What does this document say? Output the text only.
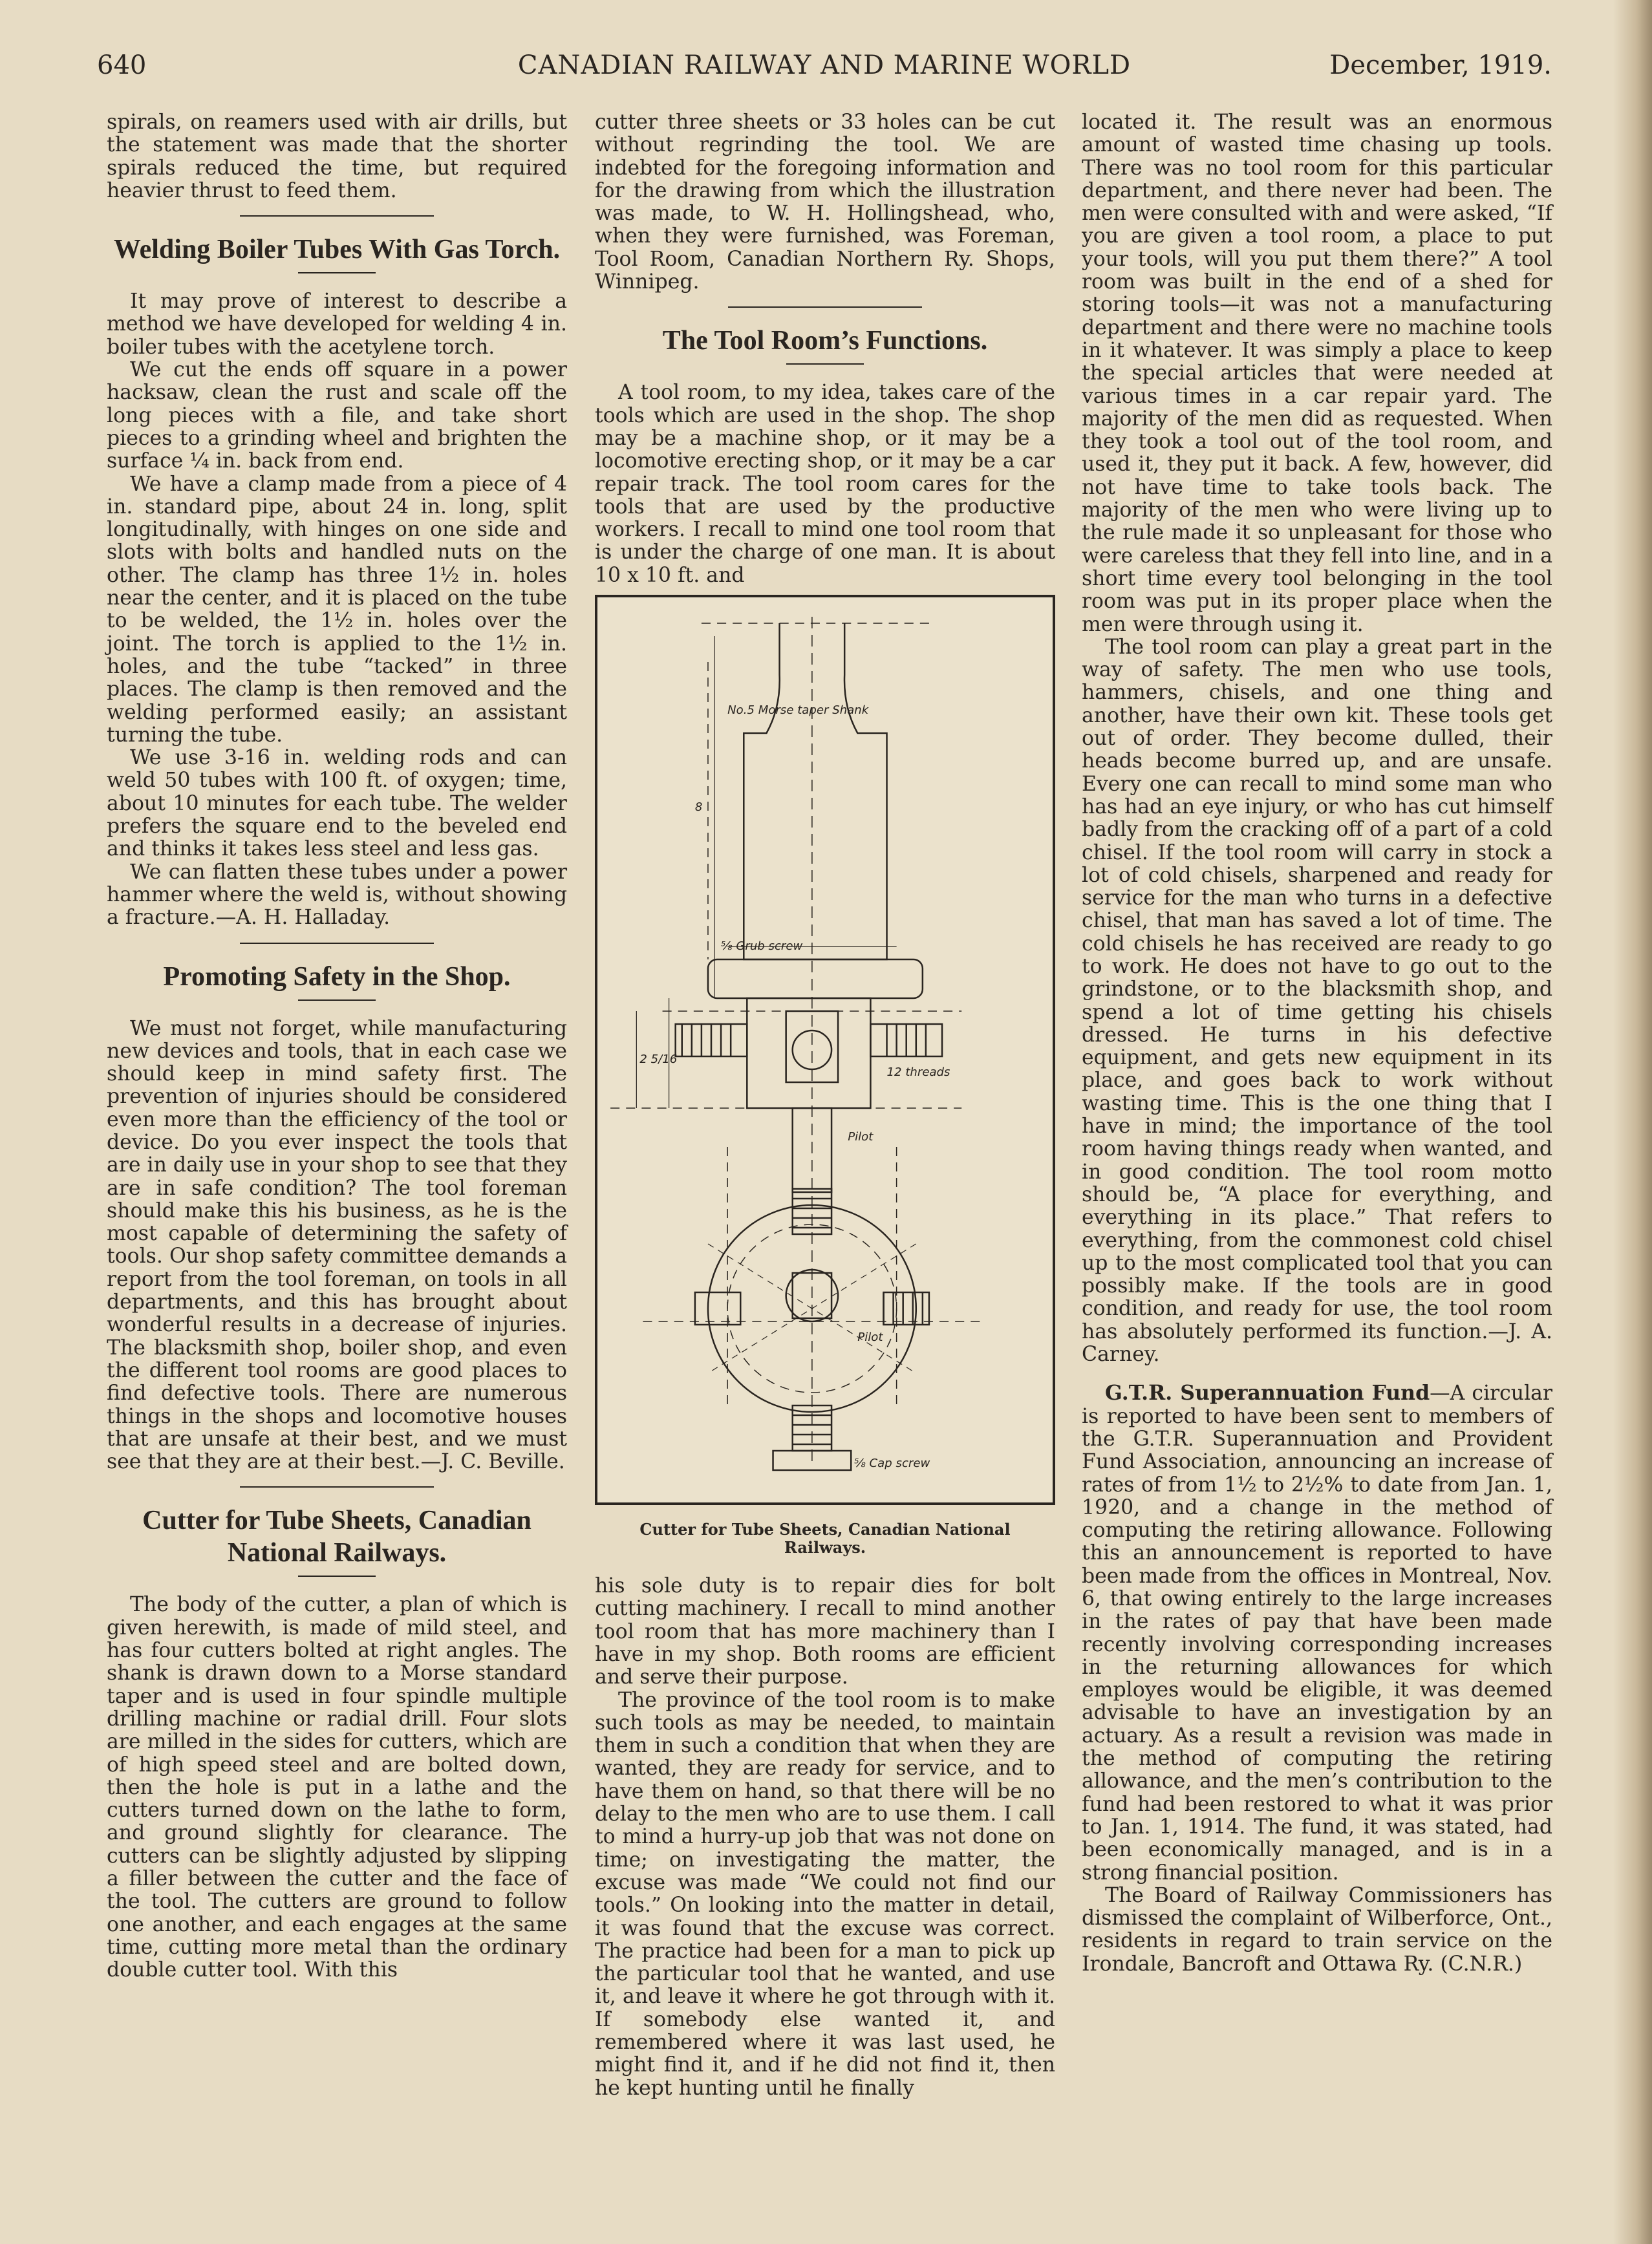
640	CANADIAN RAILWAY AND MARINE WORLD	December, 1919.

spirals, on reamers used with air drills, but the statement was made that the shorter spirals reduced the time, but required heavier thrust to feed them.

Welding Boiler Tubes With Gas Torch.

It may prove of interest to describe a method we have developed for welding 4 in. boiler tubes with the acetylene torch.

We cut the ends off square in a power hacksaw, clean the rust and scale off the long pieces with a file, and take short pieces to a grinding wheel and brighten the surface ¼ in. back from end.

We have a clamp made from a piece of 4 in. standard pipe, about 24 in. long, split longitudinally, with hinges on one side and slots with bolts and handled nuts on the other. The clamp has three 1½ in. holes near the center, and it is placed on the tube to be welded, the 1½ in. holes over the joint. The torch is applied to the 1½ in. holes, and the tube “tacked” in three places. The clamp is then removed and the welding performed easily; an assistant turning the tube.

We use 3-16 in. welding rods and can weld 50 tubes with 100 ft. of oxygen; time, about 10 minutes for each tube. The welder prefers the square end to the beveled end and thinks it takes less steel and less gas.

We can flatten these tubes under a power hammer where the weld is, without showing a fracture.—A. H. Halladay.

Promoting Safety in the Shop.

We must not forget, while manufacturing new devices and tools, that in each case we should keep in mind safety first. The prevention of injuries should be considered even more than the efficiency of the tool or device. Do you ever inspect the tools that are in daily use in your shop to see that they are in safe condition? The tool foreman should make this his business, as he is the most capable of determining the safety of tools. Our shop safety committee demands a report from the tool foreman, on tools in all departments, and this has brought about wonderful results in a decrease of injuries. The blacksmith shop, boiler shop, and even the different tool rooms are good places to find defective tools. There are numerous things in the shops and locomotive houses that are unsafe at their best, and we must see that they are at their best.—J. C. Beville.

Cutter for Tube Sheets, Canadian National Railways.

The body of the cutter, a plan of which is given herewith, is made of mild steel, and has four cutters bolted at right angles. The shank is drawn down to a Morse standard taper and is used in four spindle multiple drilling machine or radial drill. Four slots are milled in the sides for cutters, which are of high speed steel and are bolted down, then the hole is put in a lathe and the cutters turned down on the lathe to form, and ground slightly for clearance. The cutters can be slightly adjusted by slipping a filler between the cutter and the face of the tool. The cutters are ground to follow one another, and each engages at the same time, cutting more metal than the ordinary double cutter tool. With this

cutter three sheets or 33 holes can be cut without regrinding the tool. We are indebted for the foregoing information and for the drawing from which the illustration was made, to W. H. Hollingshead, who, when they were furnished, was Foreman, Tool Room, Canadian Northern Ry. Shops, Winnipeg.

The Tool Room’s Functions.

A tool room, to my idea, takes care of the tools which are used in the shop. The shop may be a machine shop, or it may be a locomotive erecting shop, or it may be a car repair track. The tool room cares for the tools that are used by the productive workers. I recall to mind one tool room that is under the charge of one man. It is about 10 x 10 ft. and

No.5 Morse taper Shank
⅝ Grub screw
12 threads
Pilot
Pilot
⅝ Cap screw
2 5/16
8
Cutter for Tube Sheets, Canadian National Railways.

his sole duty is to repair dies for bolt cutting machinery. I recall to mind another tool room that has more machinery than I have in my shop. Both rooms are efficient and serve their purpose.

The province of the tool room is to make such tools as may be needed, to maintain them in such a condition that when they are wanted, they are ready for service, and to have them on hand, so that there will be no delay to the men who are to use them. I call to mind a hurry-up job that was not done on time; on investigating the matter, the excuse was made “We could not find our tools.” On looking into the matter in detail, it was found that the excuse was correct. The practice had been for a man to pick up the particular tool that he wanted, and use it, and leave it where he got through with it. If somebody else wanted it, and remembered where it was last used, he might find it, and if he did not find it, then he kept hunting until he finally

located it. The result was an enormous amount of wasted time chasing up tools. There was no tool room for this particular department, and there never had been. The men were consulted with and were asked, “If you are given a tool room, a place to put your tools, will you put them there?” A tool room was built in the end of a shed for storing tools—it was not a manufacturing department and there were no machine tools in it whatever. It was simply a place to keep the special articles that were needed at various times in a car repair yard. The majority of the men did as requested. When they took a tool out of the tool room, and used it, they put it back. A few, however, did not have time to take tools back. The majority of the men who were living up to the rule made it so unpleasant for those who were careless that they fell into line, and in a short time every tool belonging in the tool room was put in its proper place when the men were through using it.

The tool room can play a great part in the way of safety. The men who use tools, hammers, chisels, and one thing and another, have their own kit. These tools get out of order. They become dulled, their heads become burred up, and are unsafe. Every one can recall to mind some man who has had an eye injury, or who has cut himself badly from the cracking off of a part of a cold chisel. If the tool room will carry in stock a lot of cold chisels, sharpened and ready for service for the man who turns in a defective chisel, that man has saved a lot of time. The cold chisels he has received are ready to go to work. He does not have to go out to the grindstone, or to the blacksmith shop, and spend a lot of time getting his chisels dressed. He turns in his defective equipment, and gets new equipment in its place, and goes back to work without wasting time. This is the one thing that I have in mind; the importance of the tool room having things ready when wanted, and in good condition. The tool room motto should be, “A place for everything, and everything in its place.” That refers to everything, from the commonest cold chisel up to the most complicated tool that you can possibly make. If the tools are in good condition, and ready for use, the tool room has absolutely performed its function.—J. A. Carney.

G.T.R. Superannuation Fund—A circular is reported to have been sent to members of the G.T.R. Superannuation and Provident Fund Association, announcing an increase of rates of from 1½ to 2½% to date from Jan. 1, 1920, and a change in the method of computing the retiring allowance. Following this an announcement is reported to have been made from the offices in Montreal, Nov. 6, that owing entirely to the large increases in the rates of pay that have been made recently involving corresponding increases in the returning allowances for which employes would be eligible, it was deemed advisable to have an investigation by an actuary. As a result a revision was made in the method of computing the retiring allowance, and the men’s contribution to the fund had been restored to what it was prior to Jan. 1, 1914. The fund, it was stated, had been economically managed, and is in a strong financial position.

The Board of Railway Commissioners has dismissed the complaint of Wilberforce, Ont., residents in regard to train service on the Irondale, Bancroft and Ottawa Ry. (C.N.R.)
